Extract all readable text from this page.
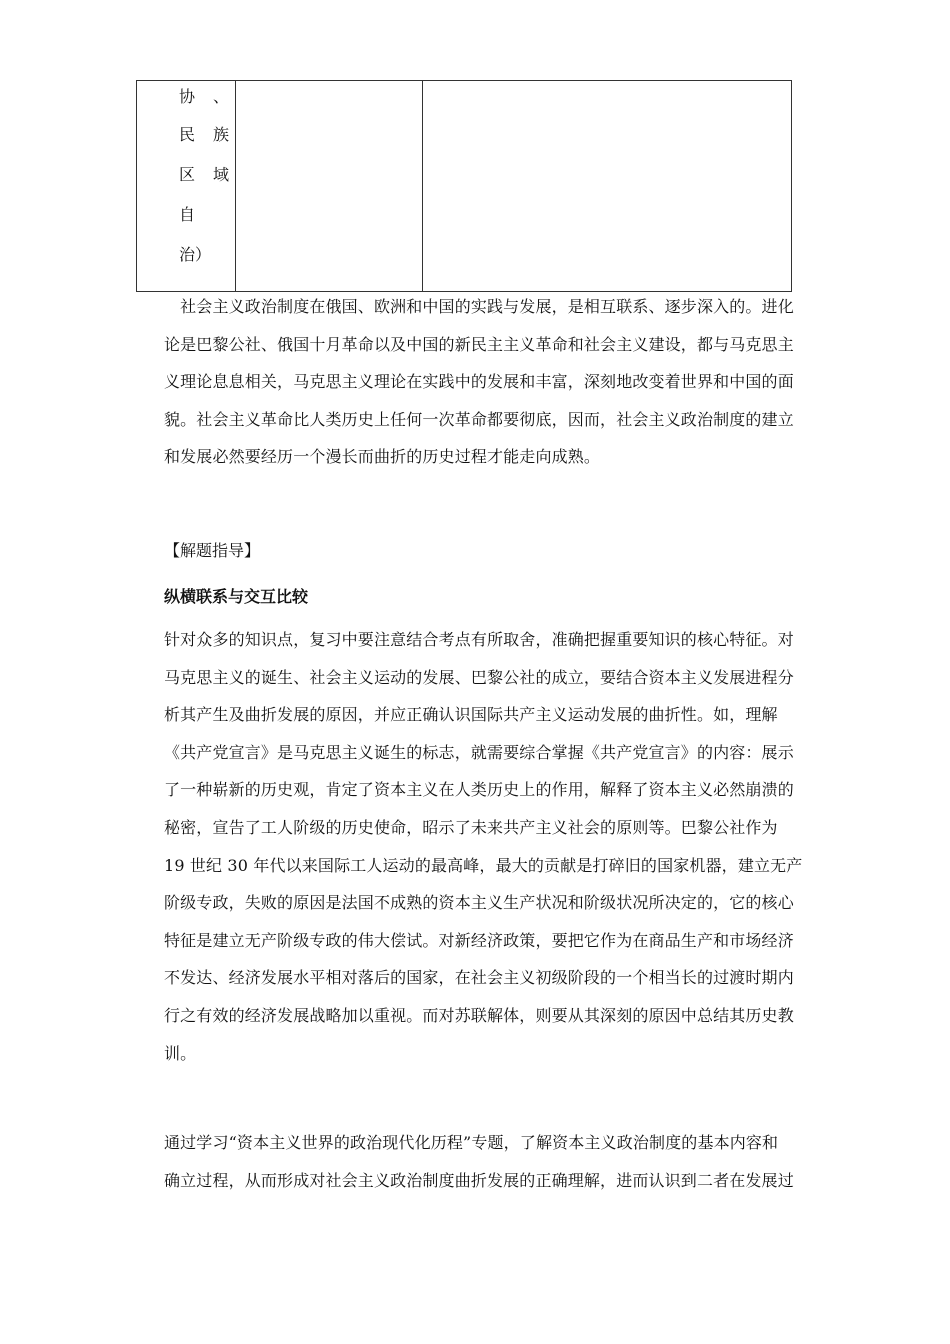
协 、
民 族
区 域
自
治）

　社会主义政治制度在俄国、欧洲和中国的实践与发展，是相互联系、逐步深入的。进化
论是巴黎公社、俄国十月革命以及中国的新民主主义革命和社会主义建设，都与马克思主
义理论息息相关，马克思主义理论在实践中的发展和丰富，深刻地改变着世界和中国的面
貌。社会主义革命比人类历史上任何一次革命都要彻底，因而，社会主义政治制度的建立
和发展必然要经历一个漫长而曲折的历史过程才能走向成熟。
【解题指导】
纵横联系与交互比较
针对众多的知识点，复习中要注意结合考点有所取舍，准确把握重要知识的核心特征。对
马克思主义的诞生、社会主义运动的发展、巴黎公社的成立，要结合资本主义发展进程分
析其产生及曲折发展的原因，并应正确认识国际共产主义运动发展的曲折性。如，理解
《共产党宣言》是马克思主义诞生的标志，就需要综合掌握《共产党宣言》的内容：展示
了一种崭新的历史观，肯定了资本主义在人类历史上的作用，解释了资本主义必然崩溃的
秘密，宣告了工人阶级的历史使命，昭示了未来共产主义社会的原则等。巴黎公社作为
19 世纪 30 年代以来国际工人运动的最高峰，最大的贡献是打碎旧的国家机器，建立无产
阶级专政，失败的原因是法国不成熟的资本主义生产状况和阶级状况所决定的，它的核心
特征是建立无产阶级专政的伟大偿试。对新经济政策，要把它作为在商品生产和市场经济
不发达、经济发展水平相对落后的国家，在社会主义初级阶段的一个相当长的过渡时期内
行之有效的经济发展战略加以重视。而对苏联解体，则要从其深刻的原因中总结其历史教
训。
通过学习“资本主义世界的政治现代化历程”专题，了解资本主义政治制度的基本内容和
确立过程，从而形成对社会主义政治制度曲折发展的正确理解，进而认识到二者在发展过
